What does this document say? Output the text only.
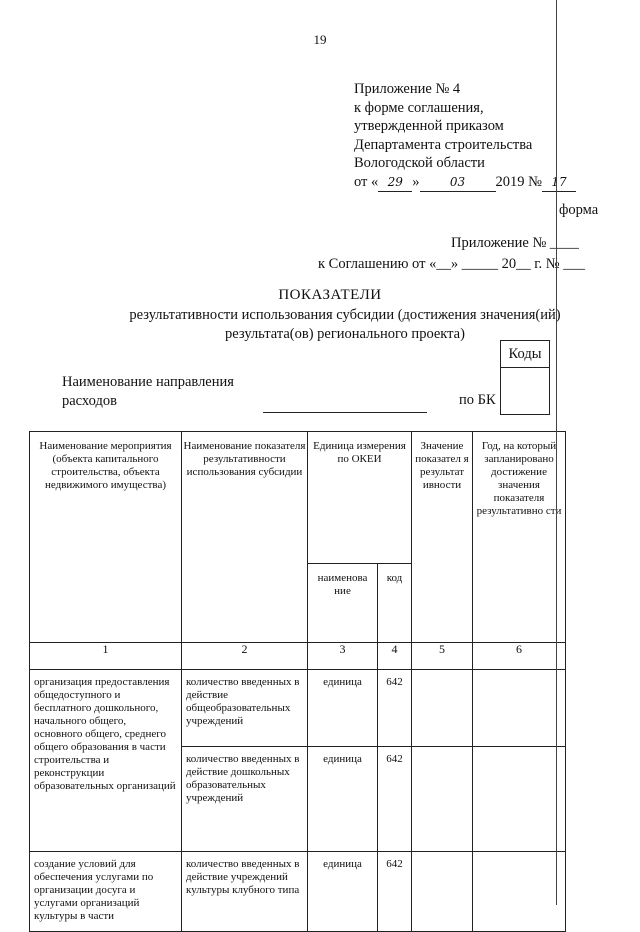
19
Приложение № 4
к форме соглашения,
утвержденной приказом
Департамента строительства
Вологодской области
от « 29 »	03 2019 № 17
форма
Приложение № ____
к Соглашению от «__» _____ 20__ г. № ___
ПОКАЗАТЕЛИ
результативности использования субсидии (достижения значения(ий)
результата(ов) регионального проекта)
Коды
Наименование направления
расходов	по БК
Наименование мероприятия (объекта капитального строительства, объекта недвижимого имущества)	Наименование показателя результативности использования субсидии	Единица измерения по ОКЕИ		Значение показател я результат ивности	Год, на который запланировано достижение значения показателя результативно сти
		наименова ние	код		
1	2	3	4	5	6
организация предоставления общедоступного и бесплатного дошкольного, начального общего, основного общего, среднего общего образования в части строительства и реконструкции образовательных организаций	количество введенных в действие общеобразовательных учреждений	единица	642		
	количество введенных в действие дошкольных образовательных учреждений	единица	642		
создание условий для обеспечения услугами по организации досуга и услугами организаций культуры в части	количество введенных в действие учреждений культуры клубного типа	единица	642		
